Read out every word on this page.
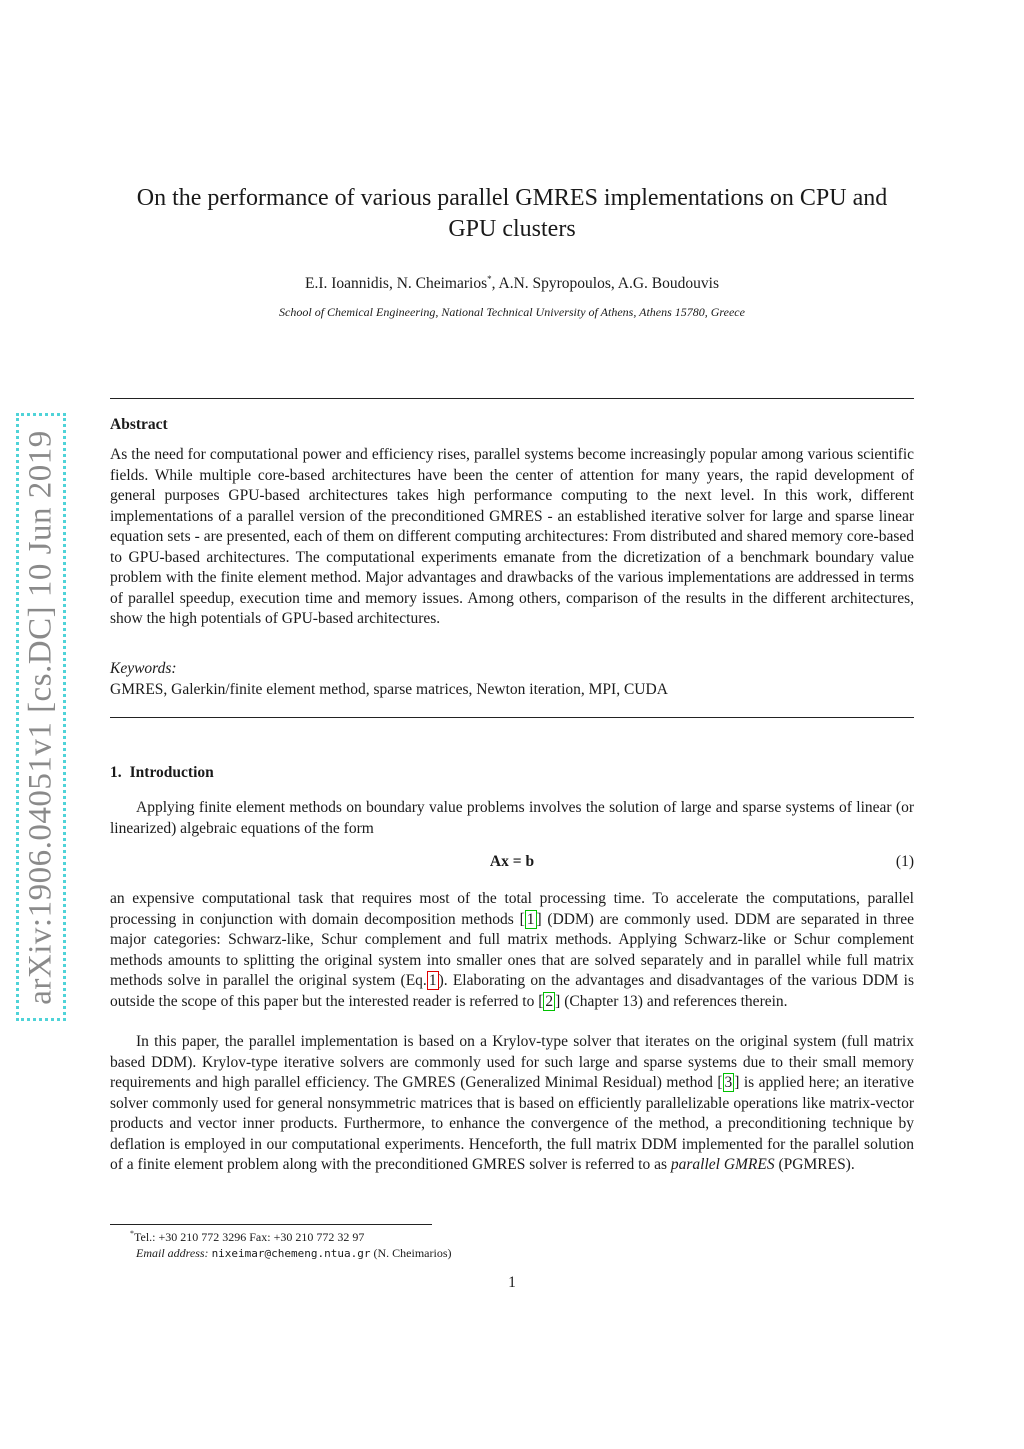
arXiv:1906.04051v1 [cs.DC] 10 Jun 2019
On the performance of various parallel GMRES implementations on CPU and GPU clusters
E.I. Ioannidis, N. Cheimarios*, A.N. Spyropoulos, A.G. Boudouvis
School of Chemical Engineering, National Technical University of Athens, Athens 15780, Greece
Abstract

As the need for computational power and efficiency rises, parallel systems become increasingly popular among various scientific fields. While multiple core-based architectures have been the center of attention for many years, the rapid development of general purposes GPU-based architectures takes high performance computing to the next level. In this work, different implementations of a parallel version of the preconditioned GMRES - an established iterative solver for large and sparse linear equation sets - are presented, each of them on different computing architectures: From distributed and shared memory core-based to GPU-based architectures. The computational experiments emanate from the dicretization of a benchmark boundary value problem with the finite element method. Major advantages and drawbacks of the various implementations are addressed in terms of parallel speedup, execution time and memory issues. Among others, comparison of the results in the different architectures, show the high potentials of GPU-based architectures.

Keywords:
GMRES, Galerkin/finite element method, sparse matrices, Newton iteration, MPI, CUDA
1. Introduction

Applying finite element methods on boundary value problems involves the solution of large and sparse systems of linear (or linearized) algebraic equations of the form

Ax = b	(1)

an expensive computational task that requires most of the total processing time. To accelerate the computations, parallel processing in conjunction with domain decomposition methods [ 1 ] (DDM) are commonly used. DDM are separated in three major categories: Schwarz-like, Schur complement and full matrix methods. Applying Schwarz-like or Schur complement methods amounts to splitting the original system into smaller ones that are solved separately and in parallel while full matrix methods solve in parallel the original system (Eq. 1 ). Elaborating on the advantages and disadvantages of the various DDM is outside the scope of this paper but the interested reader is referred to [ 2 ] (Chapter 13) and references therein.

In this paper, the parallel implementation is based on a Krylov-type solver that iterates on the original system (full matrix based DDM). Krylov-type iterative solvers are commonly used for such large and sparse systems due to their small memory requirements and high parallel efficiency. The GMRES (Generalized Minimal Residual) method [ 3 ] is applied here; an iterative solver commonly used for general nonsymmetric matrices that is based on efficiently parallelizable operations like matrix-vector products and vector inner products. Furthermore, to enhance the convergence of the method, a preconditioning technique by deflation is employed in our computational experiments. Henceforth, the full matrix DDM implemented for the parallel solution of a finite element problem along with the preconditioned GMRES solver is referred to as parallel GMRES (PGMRES).

*Tel.: +30 210 772 3296 Fax: +30 210 772 32 97
Email address: nixeimar@chemeng.ntua.gr (N. Cheimarios)
1
